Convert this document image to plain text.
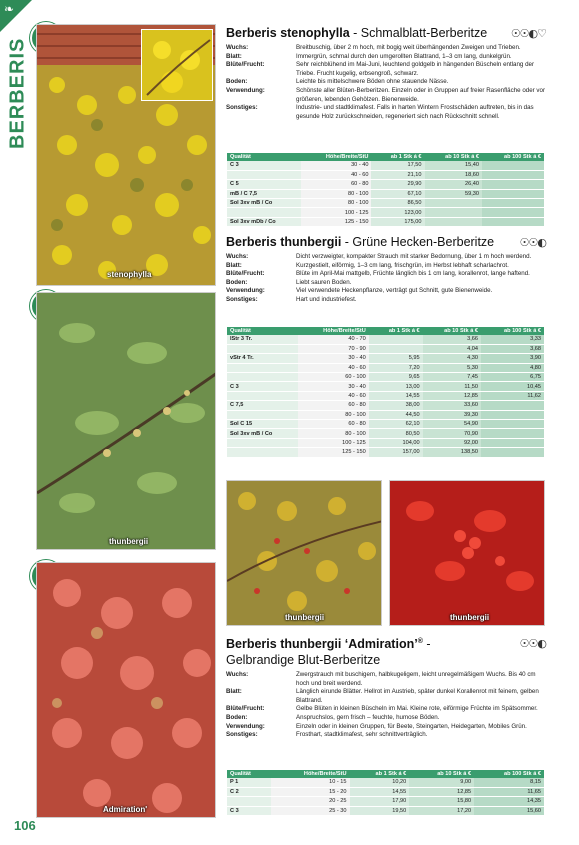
❧
BERBERIS
stenophylla
thunbergii
Admiration'
thunbergii	thunbergii
Berberis stenophylla - Schmalblatt-Berberitze ☉☉◐♡
Wuchs:	Breitbuschig, über 2 m hoch, mit bogig weit überhängenden Zweigen und Trieben.
Blatt:	Immergrün, schmal durch den umgerollten Blattrand, 1–3 cm lang, dunkelgrün.
Blüte/Frucht:	Sehr reichblühend im Mai-Juni, leuchtend goldgelb in hängenden Büscheln entlang der Triebe. Frucht kugelig, erbsengroß, schwarz.
Boden:	Leichte bis mittelschwere Böden ohne stauende Nässe.
Verwendung:	Schönste aller Blüten-Berberitzen. Einzeln oder in Gruppen auf freier Rasenfläche oder vor größeren, lebenden Gehölzen. Bienenweide.
Sonstiges:	Industrie- und stadtklimafest. Falls in harten Wintern Frostschäden auftreten, bis in das gesunde Holz zurückschneiden, regeneriert sich nach Rückschnitt schnell.
Qualität	Höhe/Breite/StU	ab 1 Stk á €	ab 10 Stk á €	ab 100 Stk á €
C 3	30 - 40	17,50	15,40	
	40 - 60	21,10	18,60	
C 5	60 - 80	29,90	26,40	
mB / C 7,5	80 - 100	67,10	59,30	
Sol 3xv mB / Co	80 - 100	86,50		
	100 - 125	123,00		
Sol 3xv mDb / Co	125 - 150	175,00		
Berberis thunbergii - Grüne Hecken-Berberitze ☉☉◐
Wuchs:	Dicht verzweigter, kompakter Strauch mit starker Bedornung, über 1 m hoch werdend.
Blatt:	Kurzgestielt, eiförmig, 1–3 cm lang, frischgrün, im Herbst lebhaft scharlachrot.
Blüte/Frucht:	Blüte im April-Mai mattgelb, Früchte länglich bis 1 cm lang, korallenrot, lange haftend.
Boden:	Liebt sauren Boden.
Verwendung:	Viel verwendete Heckenpflanze, verträgt gut Schnitt, gute Bienenweide.
Sonstiges:	Hart und industriefest.
Qualität	Höhe/Breite/StU	ab 1 Stk á €	ab 10 Stk á €	ab 100 Stk á €
lStr 3 Tr.	40 - 70		3,66	3,33
	70 - 90		4,04	3,68
vStr 4 Tr.	30 - 40	5,95	4,30	3,90
	40 - 60	7,20	5,30	4,80
	60 - 100	9,65	7,45	6,75
C 3	30 - 40	13,00	11,50	10,45
	40 - 60	14,55	12,85	11,62
C 7,5	60 - 80	38,00	33,60	
	80 - 100	44,50	39,30	
Sol C 15	60 - 80	62,10	54,90	
Sol 3xv mB / Co	80 - 100	80,50	70,90	
	100 - 125	104,00	92,00	
	125 - 150	157,00	138,50	
Berberis thunbergii ‘Admiration’® -
Gelbrandige Blut-Berberitze
☉☉◐
Wuchs:	Zwergstrauch mit buschigem, halbkugeligem, leicht unregelmäßigem Wuchs. Bis 40 cm hoch und breit werdend.
Blatt:	Länglich eirunde Blätter. Hellrot im Austrieb, später dunkel Korallenrot mit feinem, gelben Blattrand.
Blüte/Frucht:	Gelbe Blüten in kleinen Büscheln im Mai. Kleine rote, eiförmige Früchte im Spätsommer.
Boden:	Anspruchslos, gern frisch – feuchte, humose Böden.
Verwendung:	Einzeln oder in kleinen Gruppen, für Beete, Steingarten, Heidegarten, Mobiles Grün.
Sonstiges:	Frosthart, stadtklimafest, sehr schnittverträglich.
Qualität	Höhe/Breite/StU	ab 1 Stk á €	ab 10 Stk á €	ab 100 Stk á €
P 1	10 - 15	10,20	9,00	8,15
C 2	15 - 20	14,55	12,85	11,65
	20 - 25	17,90	15,80	14,35
C 3	25 - 30	19,50	17,20	15,60
106
